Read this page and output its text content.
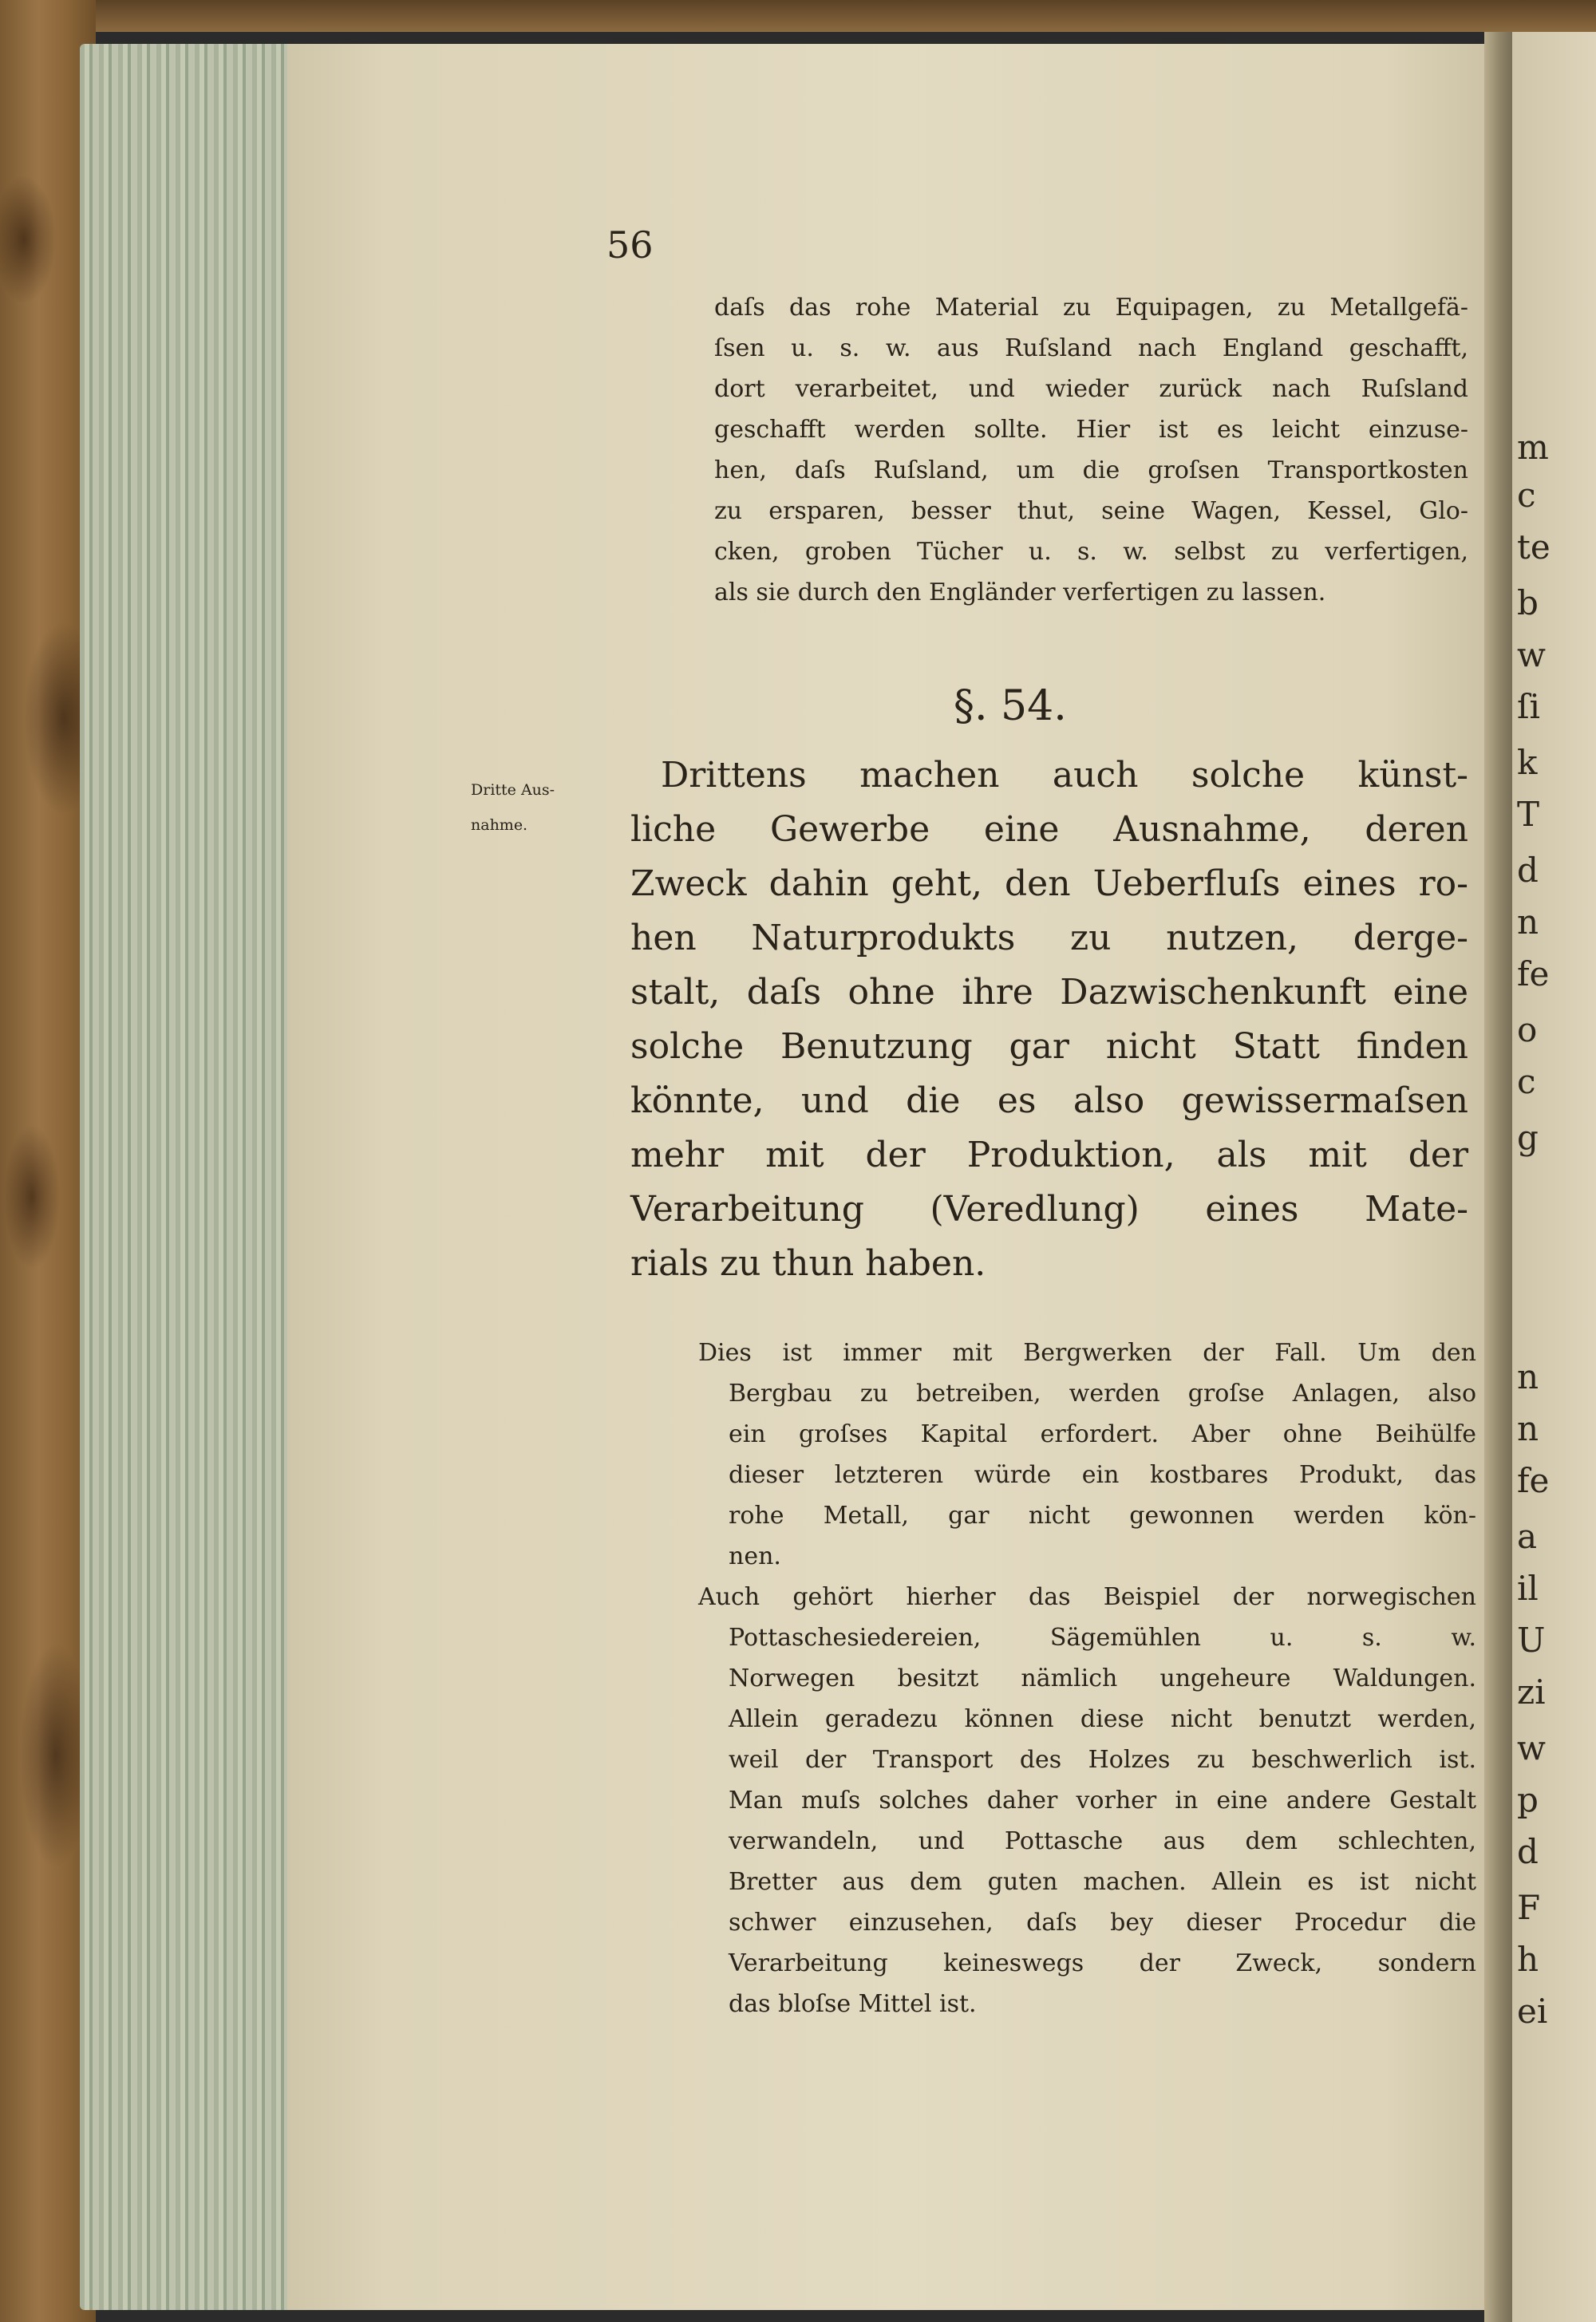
m
c
te
b
w
ſi
k
T
d
n
fe
o
c
g
n
n
fe
a
il
U
zi
w
p
d
F
h
ei
56
daſs das rohe Material zu Equipagen, zu Metallgefä-
ſsen u. s. w. aus Ruſsland nach England geschafft,
dort verarbeitet, und wieder zurück nach Ruſsland
geschafft werden sollte. Hier ist es leicht einzuse-
hen, daſs Ruſsland, um die groſsen Transportkosten
zu ersparen, besser thut, seine Wagen, Kessel, Glo-
cken, groben Tücher u. s. w. selbst zu verfertigen,
als sie durch den Engländer verfertigen zu lassen.
§. 54.
Dritte Aus-
nahme.
Drittens machen auch solche künst-
liche Gewerbe eine Ausnahme, deren
Zweck dahin geht, den Ueberfluſs eines ro-
hen Naturprodukts zu nutzen, derge-
stalt, daſs ohne ihre Dazwischenkunft eine
solche Benutzung gar nicht Statt finden
könnte, und die es also gewissermaſsen
mehr mit der Produktion, als mit der
Verarbeitung (Veredlung) eines Mate-
rials zu thun haben.
Dies ist immer mit Bergwerken der Fall. Um den
Bergbau zu betreiben, werden groſse Anlagen, also
ein groſses Kapital erfordert. Aber ohne Beihülfe
dieser letzteren würde ein kostbares Produkt, das
rohe Metall, gar nicht gewonnen werden kön-
nen.
Auch gehört hierher das Beispiel der norwegischen
Pottaschesiedereien, Sägemühlen u. s. w.
Norwegen besitzt nämlich ungeheure Waldungen.
Allein geradezu können diese nicht benutzt werden,
weil der Transport des Holzes zu beschwerlich ist.
Man muſs solches daher vorher in eine andere Gestalt
verwandeln, und Pottasche aus dem schlechten,
Bretter aus dem guten machen. Allein es ist nicht
schwer einzusehen, daſs bey dieser Procedur die
Verarbeitung keineswegs der Zweck, sondern
das bloſse Mittel ist.
